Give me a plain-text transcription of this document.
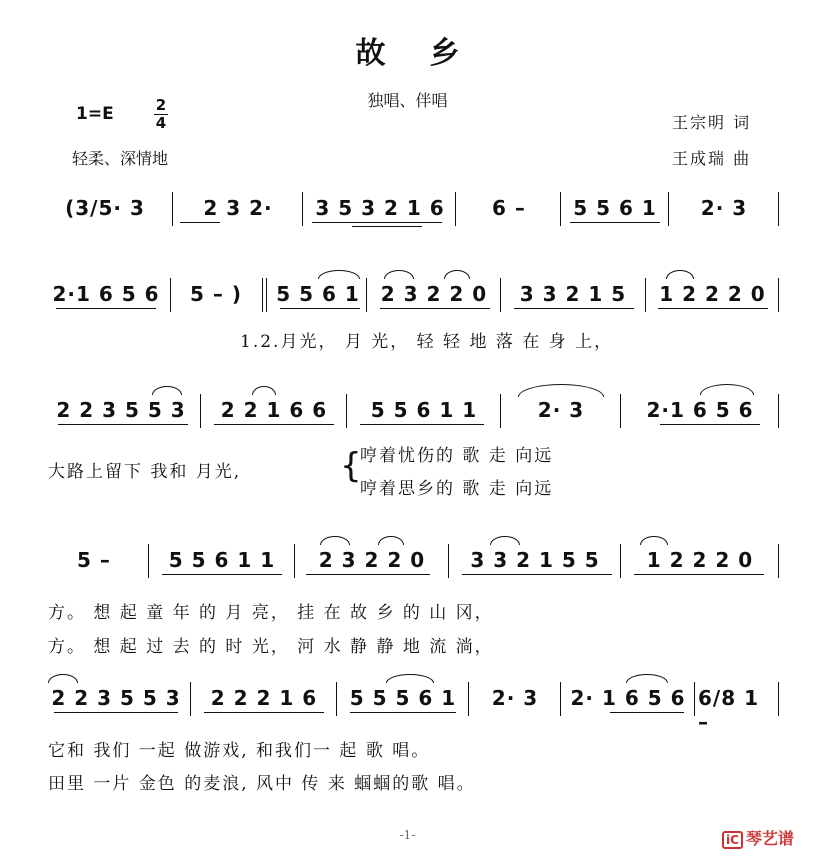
故乡
独唱、伴唱
1=E	2
4
轻柔、深情地
王宗明 词
王成瑞 曲
(3/5· 3	2 3 2· 3 5 3 2 1 6 6 – 5 5 6 1 2· 3
2·1 6 5 6 5 – ) 5 5 6 1 2 3 2 2 0 3 3 2 1 5 1 2 2 2 0
1.2.月光， 月 光， 轻 轻 地 落 在 身 上，
2 2 3 5 5 3 2 2 1 6 6 5 5 6 1 1	2· 3	2·1 6 5 6
大路上留下 我和 月光,	{
哼着忧伤的 歌 走 向远
哼着思乡的 歌 走 向远
5 –	5 5 6 1 1 2 3 2 2 0 3 3 2 1 5 5 1 2 2 2 0
方。 想 起 童 年 的 月 亮， 挂 在 故 乡 的 山 冈，
方。 想 起 过 去 的 时 光， 河 水 静 静 地 流 淌，
2 2 3 5 5 3 2 2 2 1 6 5 5 5 6 1 2· 3 2· 1 6 5 6 6/8 1 –
它和 我们 一起 做游戏, 和我们一 起 歌 唱。
田里 一片 金色 的麦浪, 风中 传 来 蝈蝈的歌 唱。
-1-	iC 琴艺谱
